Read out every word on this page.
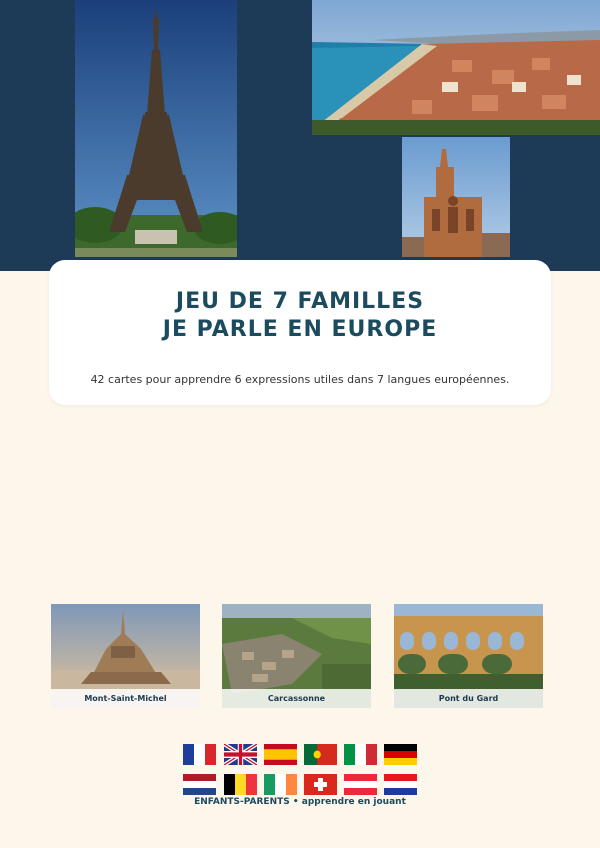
JEU DE 7 FAMILLES
JE PARLE EN EUROPE
42 cartes pour apprendre 6 expressions utiles dans 7 langues européennes.
Mont-Saint-Michel	Carcassonne	Pont du Gard
ENFANTS-PARENTS • apprendre en jouant
